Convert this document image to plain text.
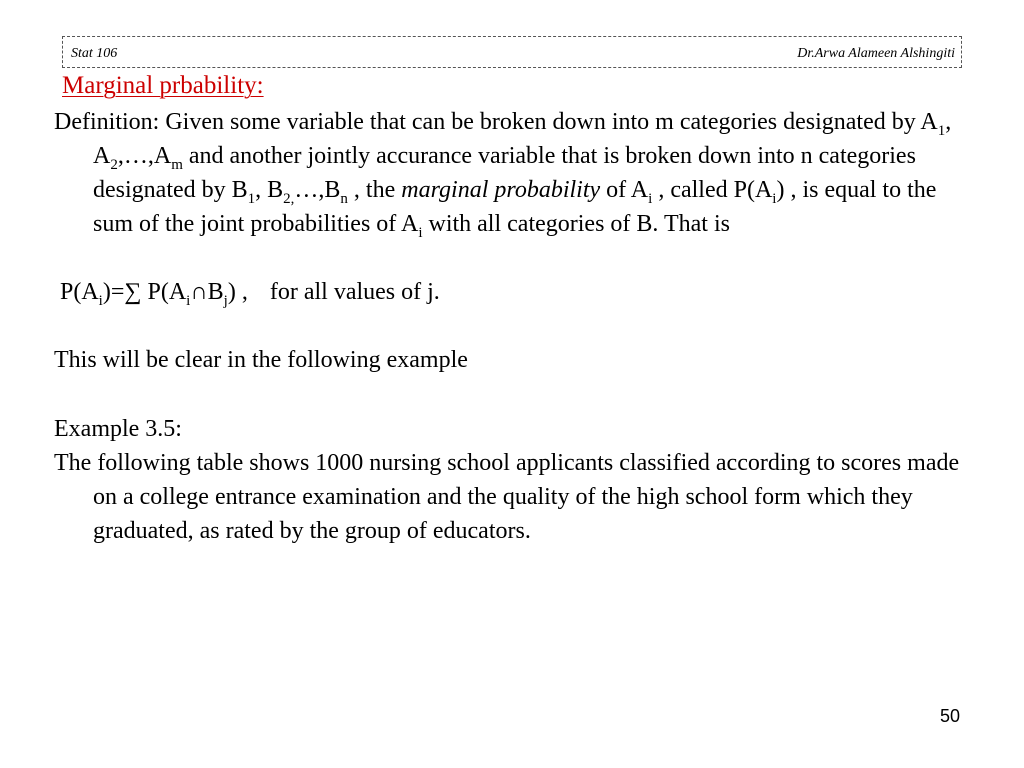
Stat 106	Dr.Arwa Alameen Alshingiti
Marginal prbability:

Definition: Given some variable that can be broken down into m categories designated by $A_1$, $A_2,\dots,A_m$ and another jointly accurance variable that is broken down into n categories designated by $B_1$, $B_{2,}\dots,B_n$ , the marginal probability of $A_i$ , called $P(A_i)$ , is equal to the sum of the joint probabilities of $A_i$ with all categories of B. That is

$P(A_i)=\sum$ $P(A_i\cap B_j)$ , for all values of j.
This will be clear in the following example
Example 3.5:

The following table shows 1000 nursing school applicants classified according to scores made on a college entrance examination and the quality of the high school form which they graduated, as rated by the group of educators.

50
